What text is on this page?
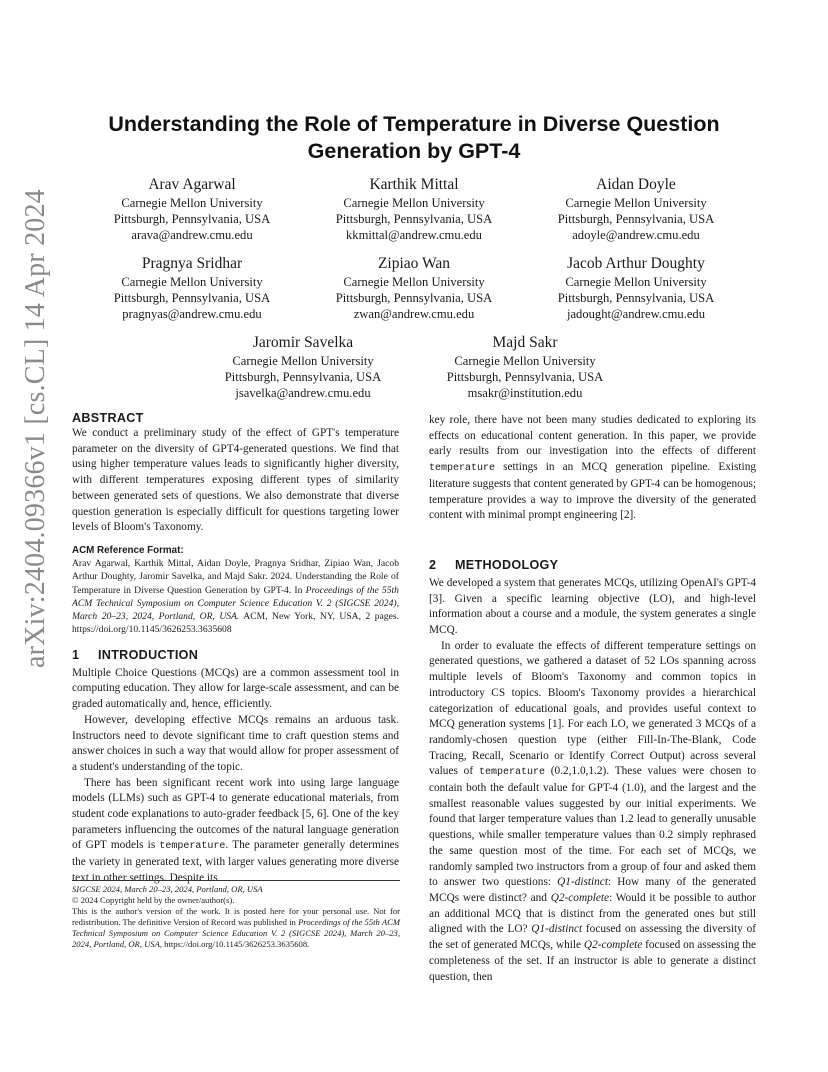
arXiv:2404.09366v1 [cs.CL] 14 Apr 2024
Understanding the Role of Temperature in Diverse Question Generation by GPT-4
Arav Agarwal
Carnegie Mellon University
Pittsburgh, Pennsylvania, USA
arava@andrew.cmu.edu
Karthik Mittal
Carnegie Mellon University
Pittsburgh, Pennsylvania, USA
kkmittal@andrew.cmu.edu
Aidan Doyle
Carnegie Mellon University
Pittsburgh, Pennsylvania, USA
adoyle@andrew.cmu.edu
Pragnya Sridhar
Carnegie Mellon University
Pittsburgh, Pennsylvania, USA
pragnyas@andrew.cmu.edu
Zipiao Wan
Carnegie Mellon University
Pittsburgh, Pennsylvania, USA
zwan@andrew.cmu.edu
Jacob Arthur Doughty
Carnegie Mellon University
Pittsburgh, Pennsylvania, USA
jadought@andrew.cmu.edu
Jaromir Savelka
Carnegie Mellon University
Pittsburgh, Pennsylvania, USA
jsavelka@andrew.cmu.edu
Majd Sakr
Carnegie Mellon University
Pittsburgh, Pennsylvania, USA
msakr@institution.edu
ABSTRACT

We conduct a preliminary study of the effect of GPT's temperature parameter on the diversity of GPT4-generated questions. We find that using higher temperature values leads to significantly higher diversity, with different temperatures exposing different types of similarity between generated sets of questions. We also demonstrate that diverse question generation is especially difficult for questions targeting lower levels of Bloom's Taxonomy.

ACM Reference Format:

Arav Agarwal, Karthik Mittal, Aidan Doyle, Pragnya Sridhar, Zipiao Wan, Jacob Arthur Doughty, Jaromir Savelka, and Majd Sakr. 2024. Understanding the Role of Temperature in Diverse Question Generation by GPT-4. In Proceedings of the 55th ACM Technical Symposium on Computer Science Education V. 2 (SIGCSE 2024), March 20–23, 2024, Portland, OR, USA. ACM, New York, NY, USA, 2 pages. https://doi.org/10.1145/3626253.3635608

1 INTRODUCTION

Multiple Choice Questions (MCQs) are a common assessment tool in computing education. They allow for large-scale assessment, and can be graded automatically and, hence, efficiently.

However, developing effective MCQs remains an arduous task. Instructors need to devote significant time to craft question stems and answer choices in such a way that would allow for proper assessment of a student's understanding of the topic.

There has been significant recent work into using large language models (LLMs) such as GPT-4 to generate educational materials, from student code explanations to auto-grader feedback [5, 6]. One of the key parameters influencing the outcomes of the natural language generation of GPT models is temperature. The parameter generally determines the variety in generated text, with larger values generating more diverse text in other settings. Despite its

SIGCSE 2024, March 20–23, 2024, Portland, OR, USA
© 2024 Copyright held by the owner/author(s).
This is the author's version of the work. It is posted here for your personal use. Not for redistribution. The definitive Version of Record was published in Proceedings of the 55th ACM Technical Symposium on Computer Science Education V. 2 (SIGCSE 2024), March 20–23, 2024, Portland, OR, USA, https://doi.org/10.1145/3626253.3635608.

key role, there have not been many studies dedicated to exploring its effects on educational content generation. In this paper, we provide early results from our investigation into the effects of different temperature settings in an MCQ generation pipeline. Existing literature suggests that content generated by GPT-4 can be homogenous; temperature provides a way to improve the diversity of the generated content with minimal prompt engineering [2].

2 METHODOLOGY

We developed a system that generates MCQs, utilizing OpenAI's GPT-4 [3]. Given a specific learning objective (LO), and high-level information about a course and a module, the system generates a single MCQ.

In order to evaluate the effects of different temperature settings on generated questions, we gathered a dataset of 52 LOs spanning across multiple levels of Bloom's Taxonomy and common topics in introductory CS topics. Bloom's Taxonomy provides a hierarchical categorization of educational goals, and provides useful context to MCQ generation systems [1]. For each LO, we generated 3 MCQs of a randomly-chosen question type (either Fill-In-The-Blank, Code Tracing, Recall, Scenario or Identify Correct Output) across several values of temperature (0.2,1.0,1.2). These values were chosen to contain both the default value for GPT-4 (1.0), and the largest and the smallest reasonable values suggested by our initial experiments. We found that larger temperature values than 1.2 lead to generally unusable questions, while smaller temperature values than 0.2 simply rephrased the same question most of the time. For each set of MCQs, we randomly sampled two instructors from a group of four and asked them to answer two questions: Q1-distinct: How many of the generated MCQs were distinct? and Q2-complete: Would it be possible to author an additional MCQ that is distinct from the generated ones but still aligned with the LO? Q1-distinct focused on assessing the diversity of the set of generated MCQs, while Q2-complete focused on assessing the completeness of the set. If an instructor is able to generate a distinct question, then
